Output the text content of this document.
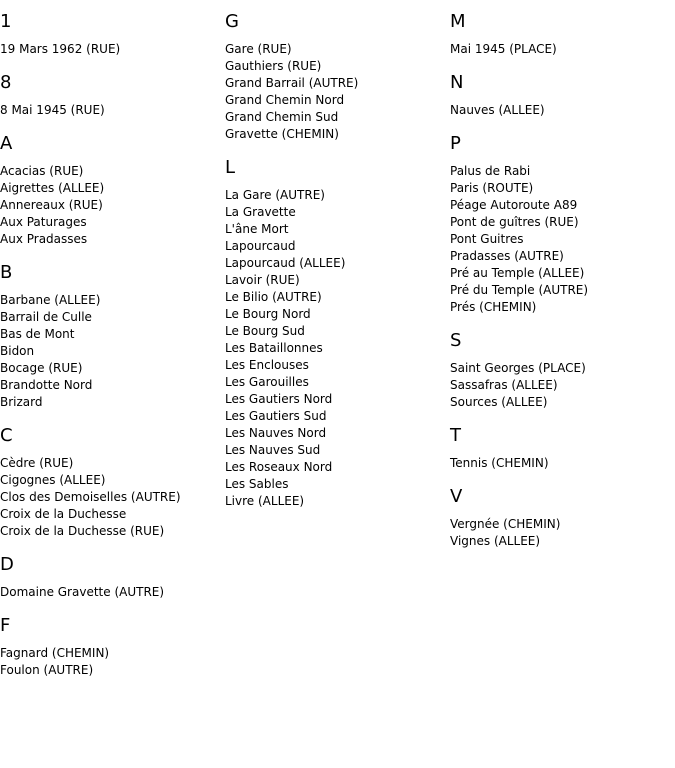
1
19 Mars 1962 (RUE)
8
8 Mai 1945 (RUE)
A
Acacias (RUE)
Aigrettes (ALLEE)
Annereaux (RUE)
Aux Paturages
Aux Pradasses
B
Barbane (ALLEE)
Barrail de Culle
Bas de Mont
Bidon
Bocage (RUE)
Brandotte Nord
Brizard
C
Cèdre (RUE)
Cigognes (ALLEE)
Clos des Demoiselles (AUTRE)
Croix de la Duchesse
Croix de la Duchesse (RUE)
D
Domaine Gravette (AUTRE)
F
Fagnard (CHEMIN)
Foulon (AUTRE)
G
Gare (RUE)
Gauthiers (RUE)
Grand Barrail (AUTRE)
Grand Chemin Nord
Grand Chemin Sud
Gravette (CHEMIN)
L
La Gare (AUTRE)
La Gravette
L'âne Mort
Lapourcaud
Lapourcaud (ALLEE)
Lavoir (RUE)
Le Bilio (AUTRE)
Le Bourg Nord
Le Bourg Sud
Les Bataillonnes
Les Enclouses
Les Garouilles
Les Gautiers Nord
Les Gautiers Sud
Les Nauves Nord
Les Nauves Sud
Les Roseaux Nord
Les Sables
Livre (ALLEE)
M
Mai 1945 (PLACE)
N
Nauves (ALLEE)
P
Palus de Rabi
Paris (ROUTE)
Péage Autoroute A89
Pont de guîtres (RUE)
Pont Guitres
Pradasses (AUTRE)
Pré au Temple (ALLEE)
Pré du Temple (AUTRE)
Prés (CHEMIN)
S
Saint Georges (PLACE)
Sassafras (ALLEE)
Sources (ALLEE)
T
Tennis (CHEMIN)
V
Vergnée (CHEMIN)
Vignes (ALLEE)
